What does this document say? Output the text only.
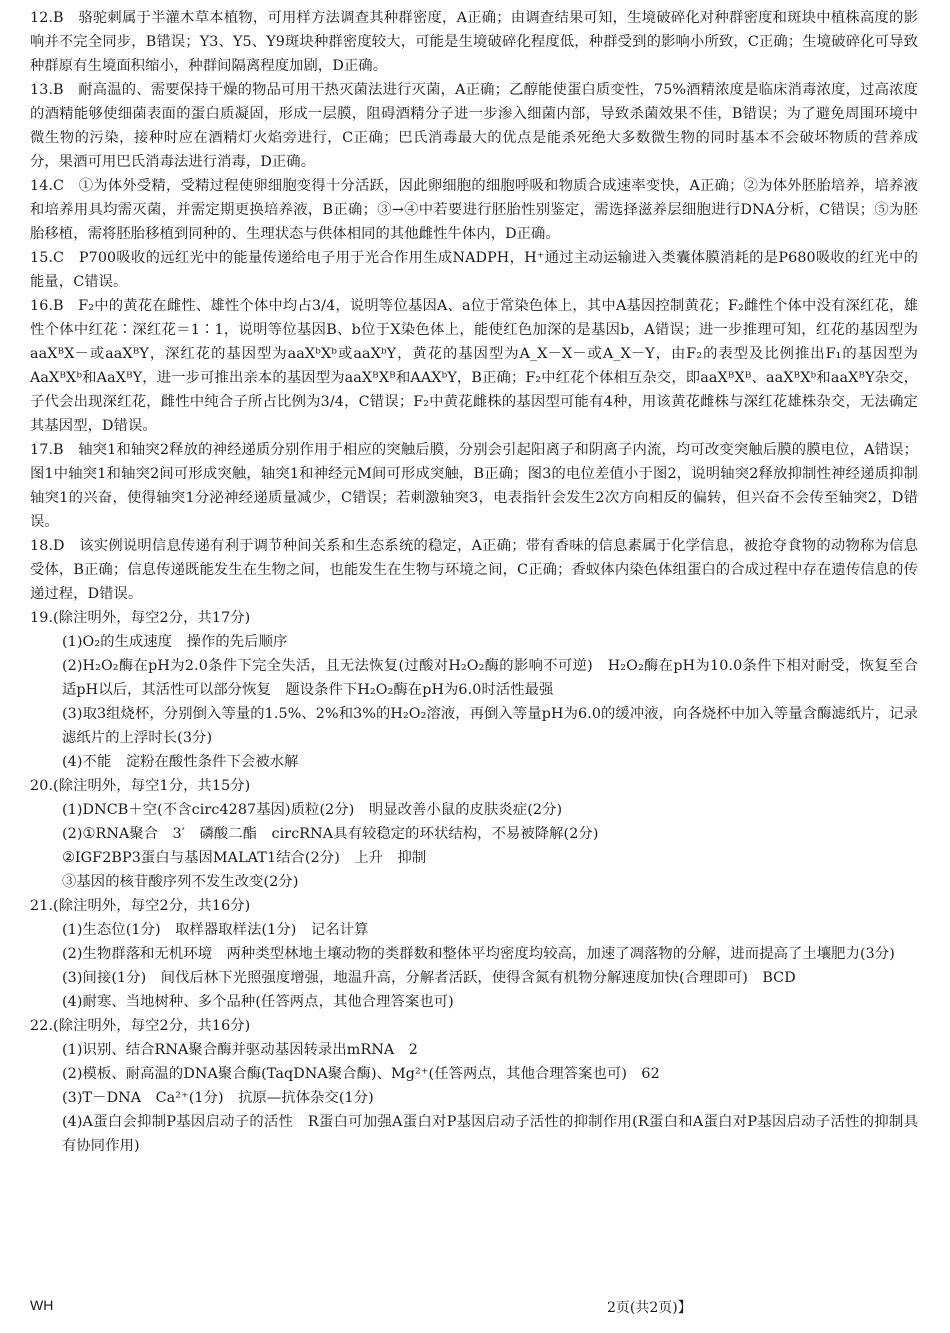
12.B　骆驼刺属于半灌木草本植物，可用样方法调查其种群密度，A正确；由调查结果可知，生境破碎化对种群密度和斑块中植株高度的影响并不完全同步，B错误；Y3、Y5、Y9斑块种群密度较大，可能是生境破碎化程度低，种群受到的影响小所致，C正确；生境破碎化可导致种群原有生境面积缩小，种群间隔离程度加剧，D正确。

13.B　耐高温的、需要保持干燥的物品可用干热灭菌法进行灭菌，A正确；乙醇能使蛋白质变性，75%酒精浓度是临床消毒浓度，过高浓度的酒精能够使细菌表面的蛋白质凝固，形成一层膜，阻碍酒精分子进一步渗入细菌内部，导致杀菌效果不佳，B错误；为了避免周围环境中微生物的污染，接种时应在酒精灯火焰旁进行，C正确；巴氏消毒最大的优点是能杀死绝大多数微生物的同时基本不会破坏物质的营养成分，果酒可用巴氏消毒法进行消毒，D正确。

14.C　①为体外受精，受精过程使卵细胞变得十分活跃，因此卵细胞的细胞呼吸和物质合成速率变快，A正确；②为体外胚胎培养，培养液和培养用具均需灭菌，并需定期更换培养液，B正确；③→④中若要进行胚胎性别鉴定，需选择滋养层细胞进行DNA分析，C错误；⑤为胚胎移植，需将胚胎移植到同种的、生理状态与供体相同的其他雌性牛体内，D正确。

15.C　P700吸收的远红光中的能量传递给电子用于光合作用生成NADPH，H⁺通过主动运输进入类囊体膜消耗的是P680吸收的红光中的能量，C错误。

16.B　F₂中的黄花在雌性、雄性个体中均占3/4，说明等位基因A、a位于常染色体上，其中A基因控制黄花；F₂雌性个体中没有深红花，雄性个体中红花∶深红花＝1∶1，说明等位基因B、b位于X染色体上，能使红色加深的是基因b，A错误；进一步推理可知，红花的基因型为aaXᴮX－或aaXᴮY，深红花的基因型为aaXᵇXᵇ或aaXᵇY，黄花的基因型为A_X－X－或A_X－Y，由F₂的表型及比例推出F₁的基因型为AaXᴮXᵇ和AaXᴮY，进一步可推出亲本的基因型为aaXᴮXᴮ和AAXᵇY，B正确；F₂中红花个体相互杂交，即aaXᴮXᴮ、aaXᴮXᵇ和aaXᴮY杂交，子代会出现深红花，雌性中纯合子所占比例为3/4，C错误；F₂中黄花雌株的基因型可能有4种，用该黄花雌株与深红花雄株杂交，无法确定其基因型，D错误。

17.B　轴突1和轴突2释放的神经递质分别作用于相应的突触后膜，分别会引起阳离子和阴离子内流，均可改变突触后膜的膜电位，A错误；图1中轴突1和轴突2间可形成突触，轴突1和神经元M间可形成突触，B正确；图3的电位差值小于图2，说明轴突2释放抑制性神经递质抑制轴突1的兴奋，使得轴突1分泌神经递质量减少，C错误；若刺激轴突3，电表指针会发生2次方向相反的偏转，但兴奋不会传至轴突2，D错误。

18.D　该实例说明信息传递有利于调节种间关系和生态系统的稳定，A正确；带有香味的信息素属于化学信息，被抢夺食物的动物称为信息受体，B正确；信息传递既能发生在生物之间，也能发生在生物与环境之间，C正确；香蚁体内染色体组蛋白的合成过程中存在遗传信息的传递过程，D错误。

19.(除注明外，每空2分，共17分)

(1)O₂的生成速度　操作的先后顺序

(2)H₂O₂酶在pH为2.0条件下完全失活，且无法恢复(过酸对H₂O₂酶的影响不可逆)　H₂O₂酶在pH为10.0条件下相对耐受，恢复至合适pH以后，其活性可以部分恢复　题设条件下H₂O₂酶在pH为6.0时活性最强

(3)取3组烧杯，分别倒入等量的1.5%、2%和3%的H₂O₂溶液，再倒入等量pH为6.0的缓冲液，向各烧杯中加入等量含酶滤纸片，记录滤纸片的上浮时长(3分)

(4)不能　淀粉在酸性条件下会被水解

20.(除注明外，每空1分，共15分)

(1)DNCB＋空(不含circ4287基因)质粒(2分)　明显改善小鼠的皮肤炎症(2分)

(2)①RNA聚合　3′　磷酸二酯　circRNA具有较稳定的环状结构，不易被降解(2分)

②IGF2BP3蛋白与基因MALAT1结合(2分)　上升　抑制

③基因的核苷酸序列不发生改变(2分)

21.(除注明外，每空2分，共16分)

(1)生态位(1分)　取样器取样法(1分)　记名计算

(2)生物群落和无机环境　两种类型林地土壤动物的类群数和整体平均密度均较高，加速了凋落物的分解，进而提高了土壤肥力(3分)

(3)间接(1分)　间伐后林下光照强度增强，地温升高，分解者活跃，使得含氮有机物分解速度加快(合理即可)　BCD

(4)耐寒、当地树种、多个品种(任答两点，其他合理答案也可)

22.(除注明外，每空2分，共16分)

(1)识别、结合RNA聚合酶并驱动基因转录出mRNA　2

(2)模板、耐高温的DNA聚合酶(TaqDNA聚合酶)、Mg²⁺(任答两点，其他合理答案也可)　62

(3)T－DNA　Ca²⁺(1分)　抗原—抗体杂交(1分)

(4)A蛋白会抑制P基因启动子的活性　R蛋白可加强A蛋白对P基因启动子活性的抑制作用(R蛋白和A蛋白对P基因启动子活性的抑制具有协同作用)

WH	2页(共2页)】
